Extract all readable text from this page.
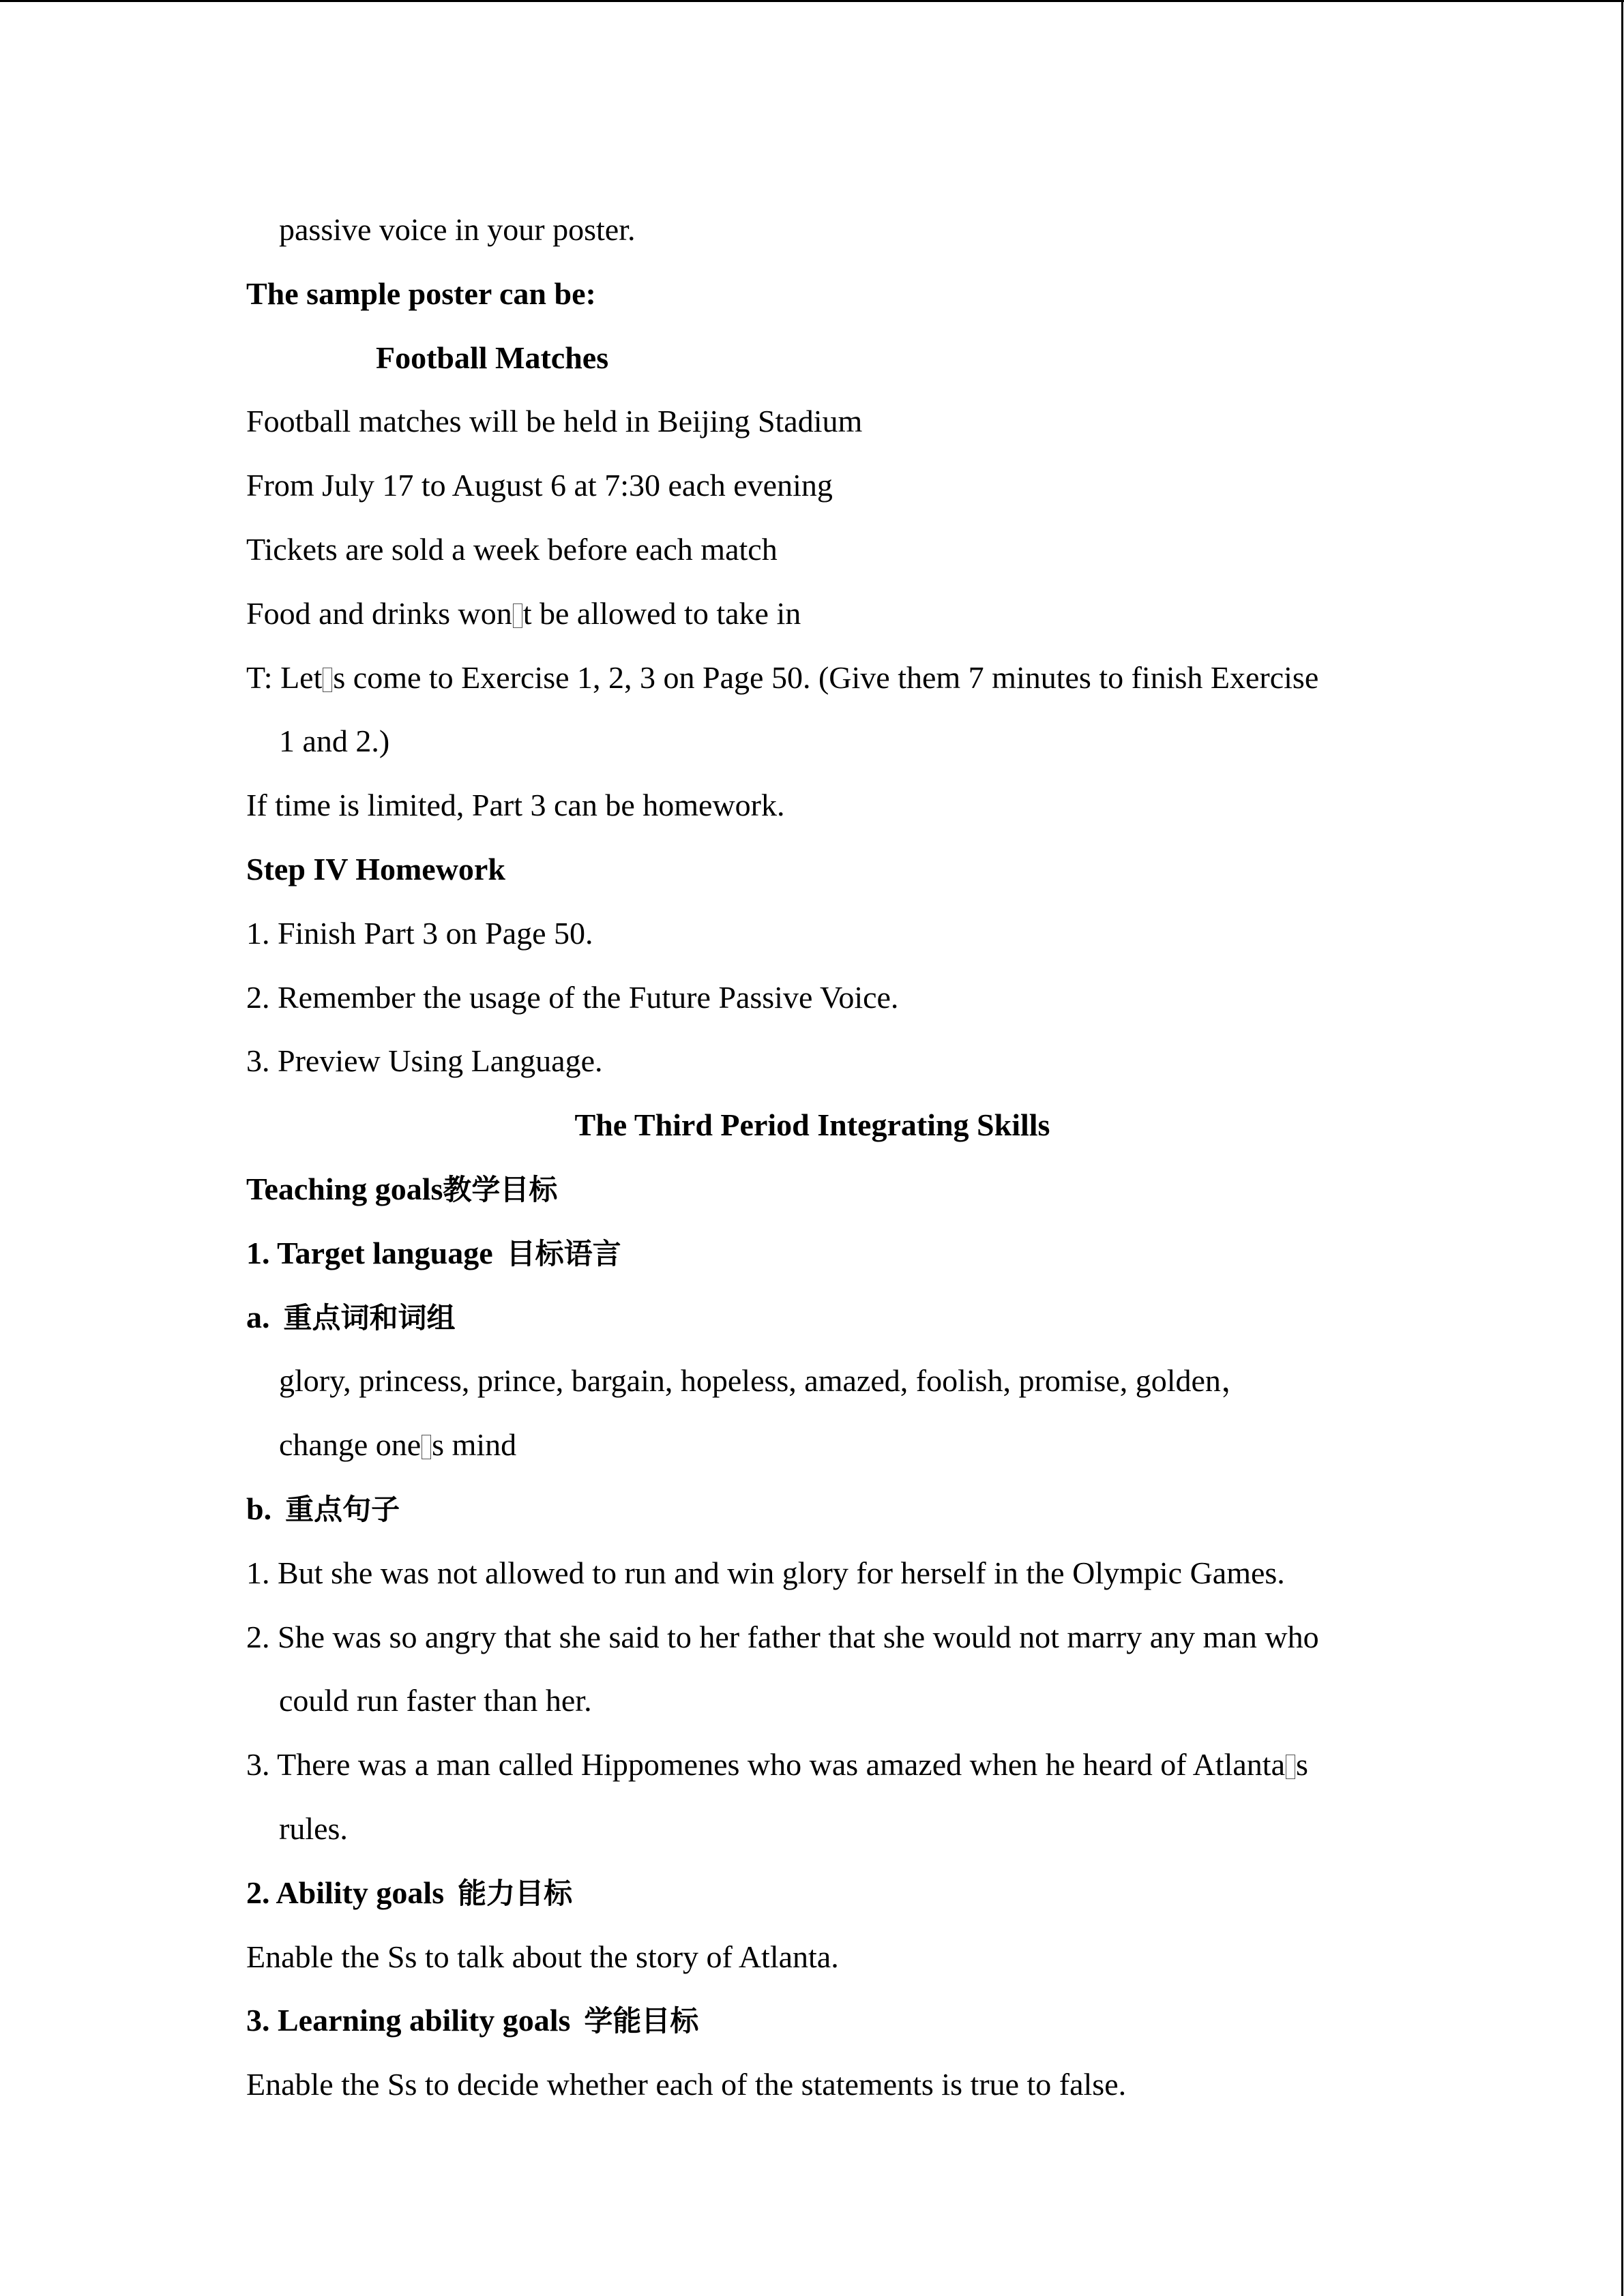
passive voice in your poster.
The sample poster can be:
Football Matches
Football matches will be held in Beijing Stadium
From July 17 to August 6 at 7:30 each evening
Tickets are sold a week before each match
Food and drinks won t be allowed to take in
T: Let s come to Exercise 1, 2, 3 on Page 50. (Give them 7 minutes to finish Exercise
1 and 2.)
If time is limited, Part 3 can be homework.
Step IV Homework
1. Finish Part 3 on Page 50.
2. Remember the usage of the Future Passive Voice.
3. Preview Using Language.
The Third Period Integrating Skills
Teaching goals教学目标
1. Target language 目标语言
a. 重点词和词组
glory, princess, prince, bargain, hopeless, amazed, foolish, promise, golden，
change one s mind
b. 重点句子
1. But she was not allowed to run and win glory for herself in the Olympic Games.
2. She was so angry that she said to her father that she would not marry any man who
could run faster than her.
3. There was a man called Hippomenes who was amazed when he heard of Atlanta s
rules.
2. Ability goals 能力目标
Enable the Ss to talk about the story of Atlanta.
3. Learning ability goals 学能目标
Enable the Ss to decide whether each of the statements is true to false.
